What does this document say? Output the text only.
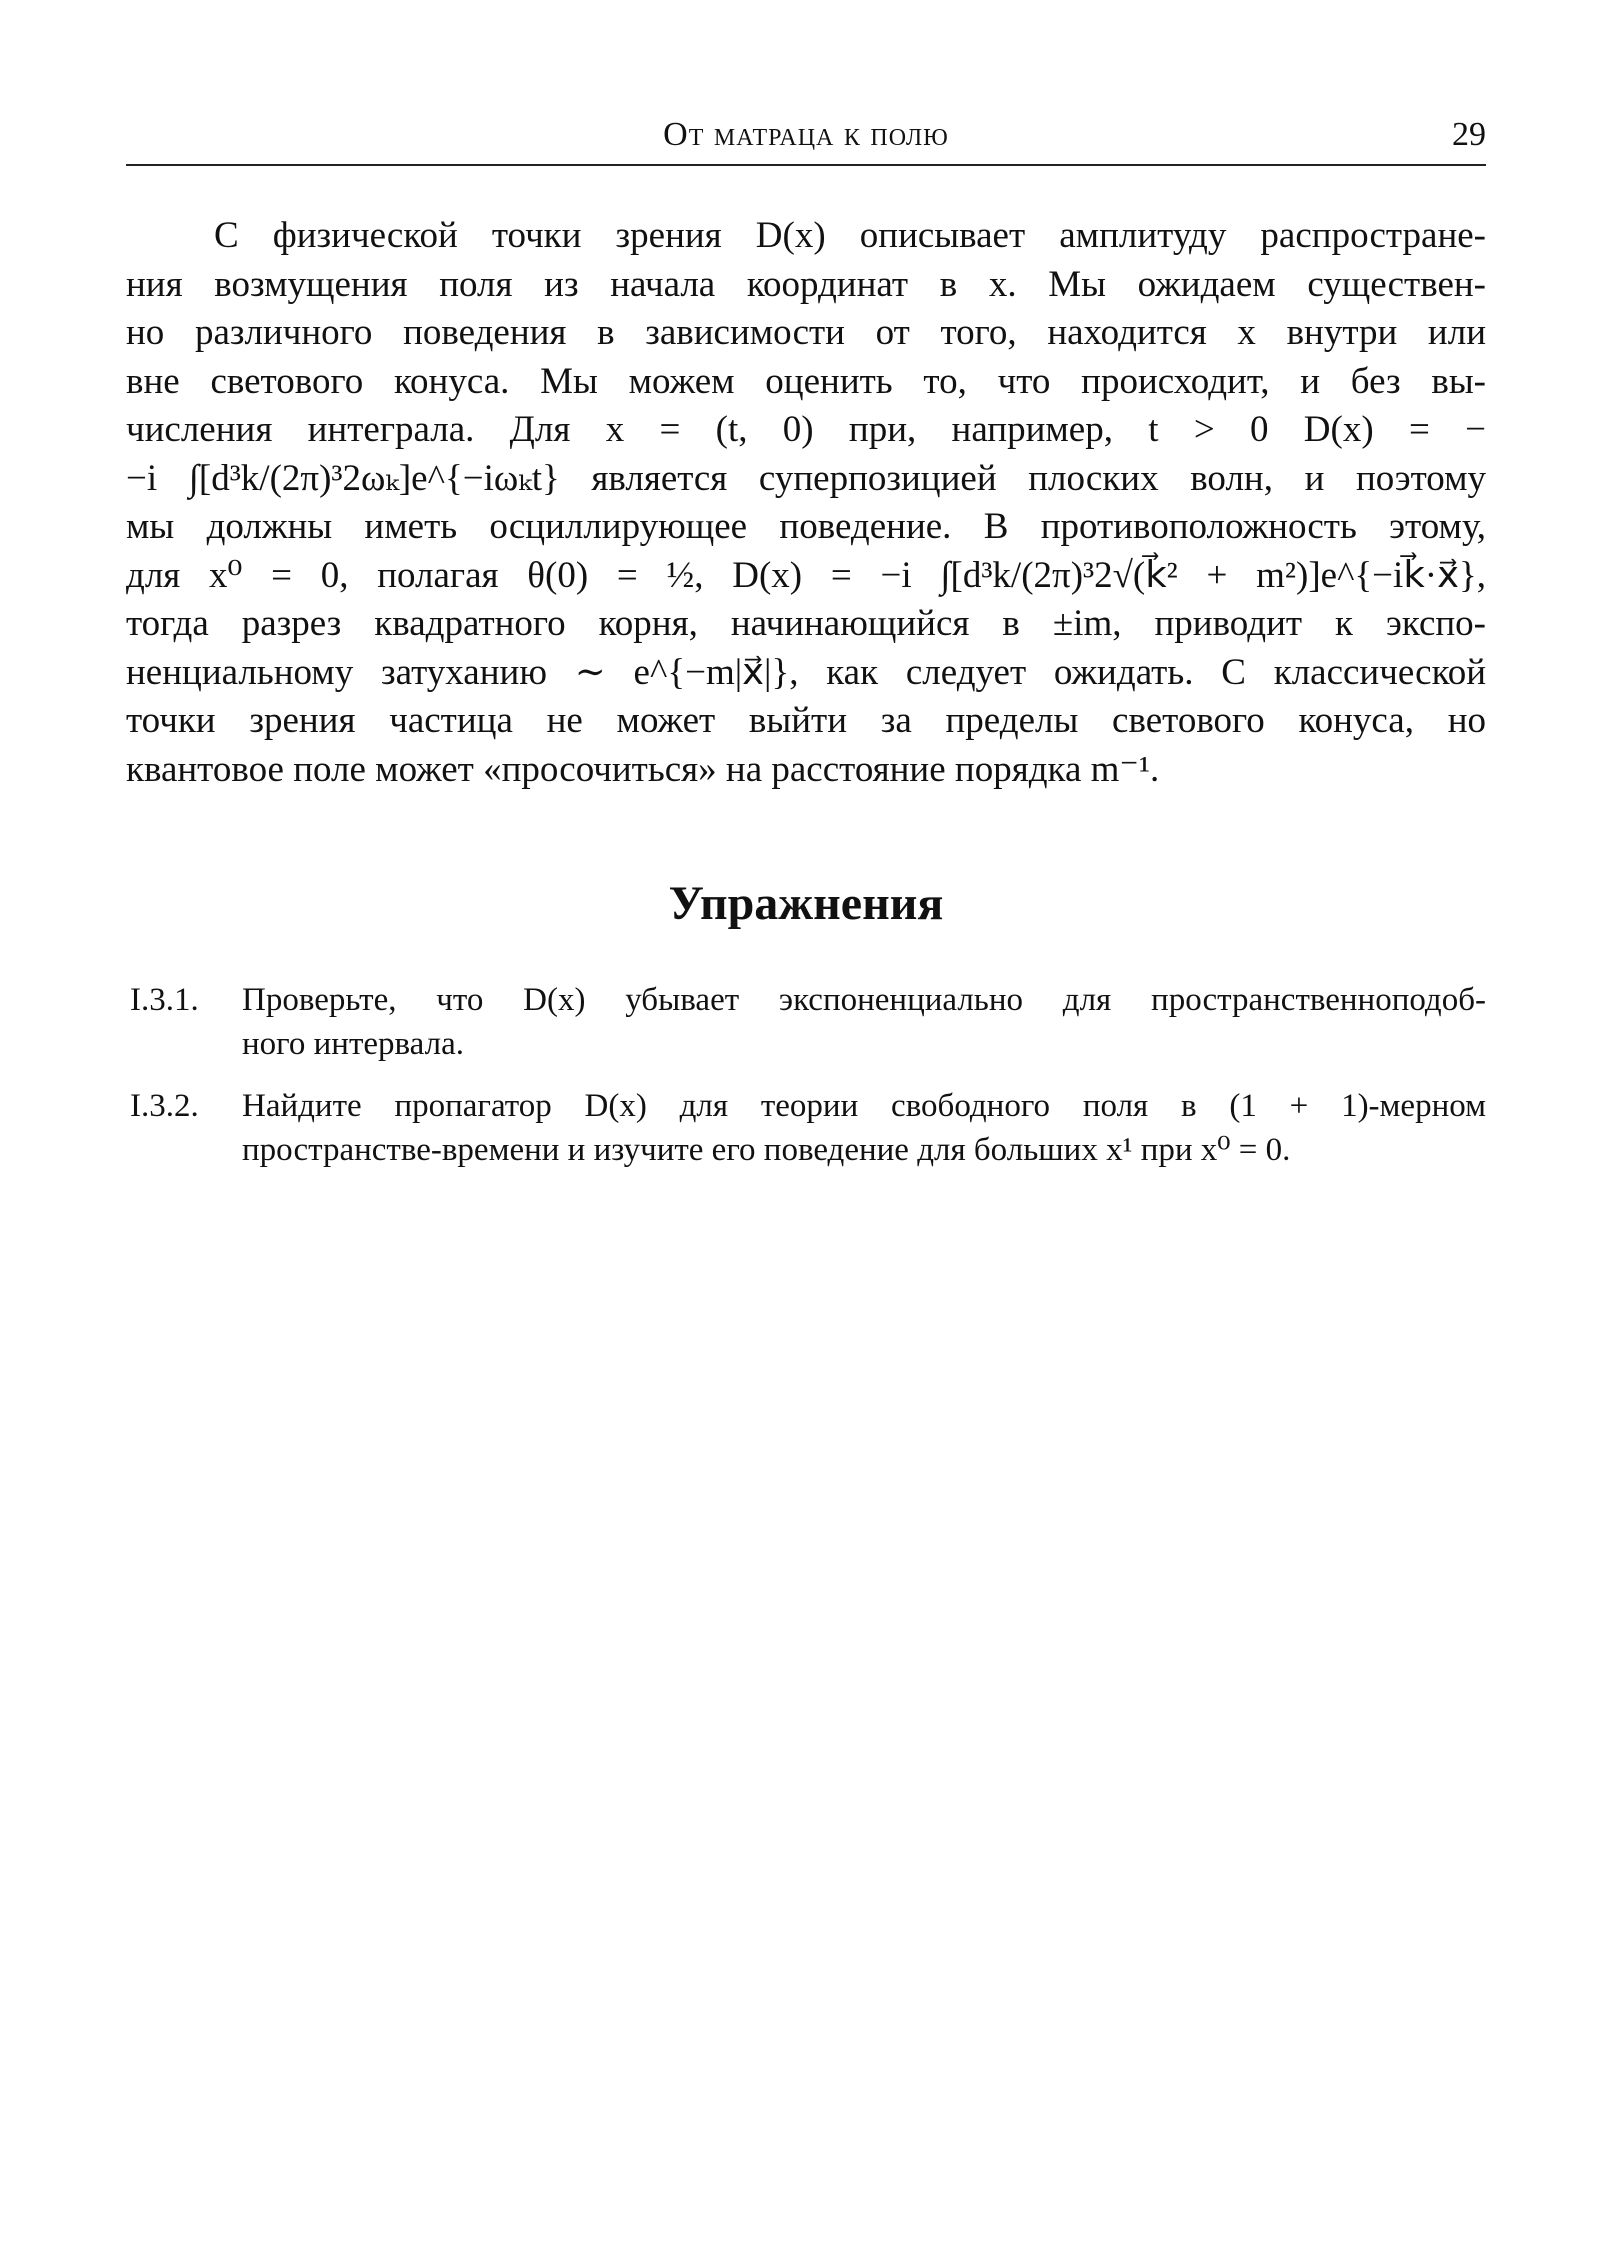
От матраца к полю	29
С физической точки зрения D(x) описывает амплитуду распростране-
ния возмущения поля из начала координат в x. Мы ожидаем существен-
но различного поведения в зависимости от того, находится x внутри или
вне светового конуса. Мы можем оценить то, что происходит, и без вы-
числения интеграла. Для x = (t, 0) при, например, t > 0 D(x) = −
−i ∫[d³k/(2π)³2ωₖ]e^{−iωₖt} является суперпозицией плоских волн, и поэтому
мы должны иметь осциллирующее поведение. В противоположность этому,
для x⁰ = 0, полагая θ(0) = ½, D(x) = −i ∫[d³k/(2π)³2√(k⃗² + m²)]e^{−ik⃗·x⃗},
тогда разрез квадратного корня, начинающийся в ±im, приводит к экспо-
ненциальному затуханию ∼ e^{−m|x⃗|}, как следует ожидать. С классической
точки зрения частица не может выйти за пределы светового конуса, но
квантовое поле может «просочиться» на расстояние порядка m⁻¹.
Упражнения
I.3.1. Проверьте, что D(x) убывает экспоненциально для пространственноподоб-
ного интервала.
I.3.2. Найдите пропагатор D(x) для теории свободного поля в (1 + 1)-мерном
пространстве-времени и изучите его поведение для больших x¹ при x⁰ = 0.
